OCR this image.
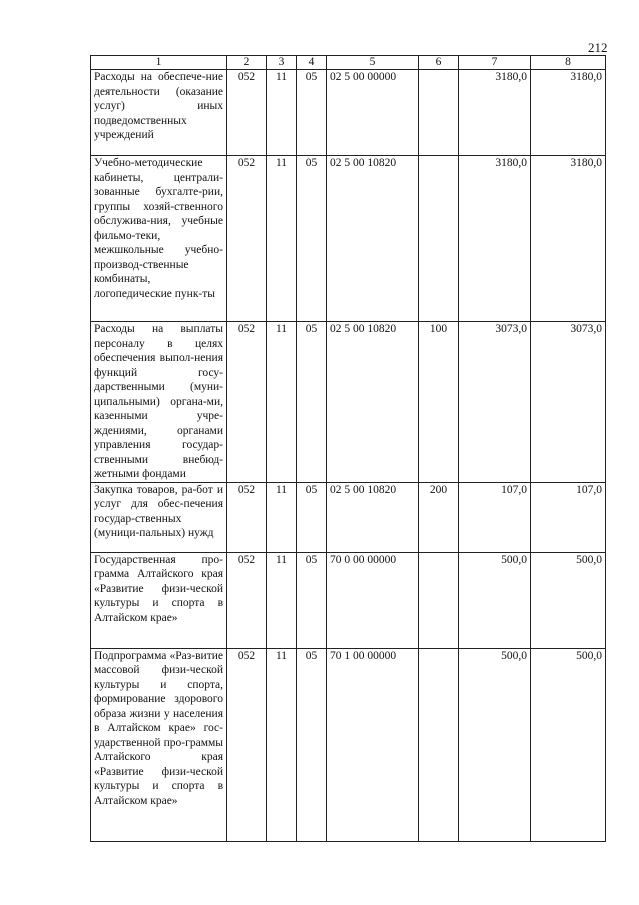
212
1	2	3	4	5	6	7	8
Расходы на обеспече-ние деятельности (оказание услуг) иных подведомственных учреждений	052	11	05	02 5 00 00000		3180,0	3180,0
Учебно-методические кабинеты, централи-зованные бухгалте-рии, группы хозяй-ственного обслужива-ния, учебные фильмо-теки, межшкольные учебно-производ-ственные комбинаты, логопедические пунк-ты	052	11	05	02 5 00 10820		3180,0	3180,0
Расходы на выплаты персоналу в целях обеспечения выпол-нения функций госу-дарственными (муни-ципальными) органа-ми, казенными учре-ждениями, органами управления государ-ственными внебюд-жетными фондами	052	11	05	02 5 00 10820	100	3073,0	3073,0
Закупка товаров, ра-бот и услуг для обес-печения государ-ственных (муници-пальных) нужд	052	11	05	02 5 00 10820	200	107,0	107,0
Государственная про-грамма Алтайского края «Развитие физи-ческой культуры и спорта в Алтайском крае»	052	11	05	70 0 00 00000		500,0	500,0
Подпрограмма «Раз-витие массовой физи-ческой культуры и спорта, формирование здорового образа жизни у населения в Алтайском крае» гос-ударственной про-граммы Алтайского края «Развитие физи-ческой культуры и спорта в Алтайском крае»	052	11	05	70 1 00 00000		500,0	500,0
